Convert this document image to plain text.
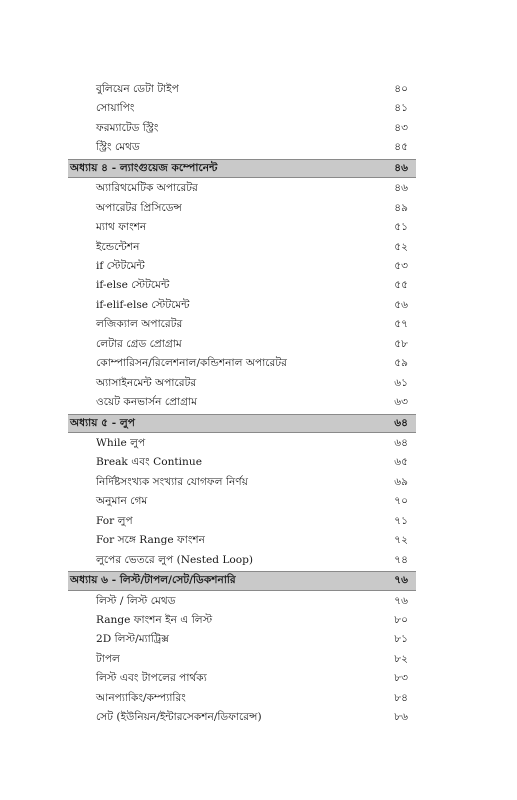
বুলিয়েন ডেটা টাইপ	৪০
সোয়াপিং	৪১
ফরম্যাটেড স্ট্রিং	৪৩
স্ট্রিং মেথড	৪৫
অধ্যায় ৪ - ল্যাংগুয়েজ কম্পোনেন্ট	৪৬
অ্যারিথমেটিক অপারেটর	৪৬
অপারেটর প্রিসিডেন্স	৪৯
ম্যাথ ফাংশন	৫১
ইন্ডেন্টেশন	৫২
if স্টেটমেন্ট	৫৩
if-else স্টেটমেন্ট	৫৫
if-elif-else স্টেটমেন্ট	৫৬
লজিক্যাল অপারেটর	৫৭
লেটার গ্রেড প্রোগ্রাম	৫৮
কোম্পারিসন/রিলেশনাল/কন্ডিশনাল অপারেটর	৫৯
অ্যাসাইনমেন্ট অপারেটর	৬১
ওয়েট কনভার্সন প্রোগ্রাম	৬৩
অধ্যায় ৫ - লুপ	৬৪
While লুপ	৬৪
Break এবং Continue	৬৫
নির্দিষ্টসংখ্যক সংখ্যার যোগফল নির্ণয়	৬৯
অনুমান গেম	৭০
For লুপ	৭১
For সঙ্গে Range ফাংশন	৭২
লুপের ভেতরে লুপ (Nested Loop)	৭৪
অধ্যায় ৬ - লিস্ট/টাপল/সেট/ডিকশনারি	৭৬
লিস্ট / লিস্ট মেথড	৭৬
Range ফাংশন ইন এ লিস্ট	৮০
2D লিস্ট/ম্যাট্রিক্স	৮১
টাপল	৮২
লিস্ট এবং টাপলের পার্থক্য	৮৩
আনপ্যাকিং/কম্প্যারিং	৮৪
সেট (ইউনিয়ন/ইন্টারসেকশন/ডিফারেন্স)	৮৬
